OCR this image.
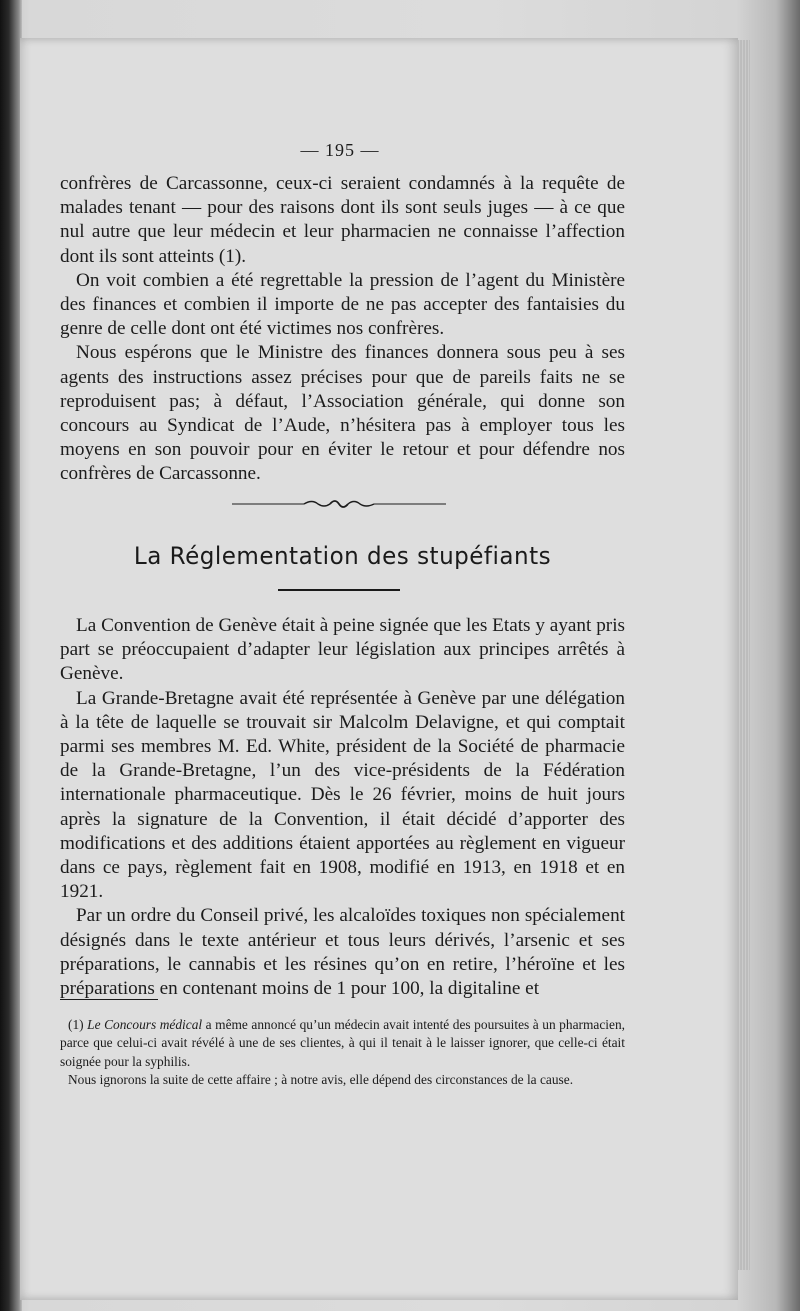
— 195 —

confrères de Carcassonne, ceux-ci seraient condamnés à la requête de malades tenant — pour des raisons dont ils sont seuls juges — à ce que nul autre que leur médecin et leur pharmacien ne connaisse l’affection dont ils sont atteints (1).

On voit combien a été regrettable la pression de l’agent du Ministère des finances et combien il importe de ne pas accepter des fantaisies du genre de celle dont ont été victimes nos confrères.

Nous espérons que le Ministre des finances donnera sous peu à ses agents des instructions assez précises pour que de pareils faits ne se reproduisent pas; à défaut, l’Association générale, qui donne son concours au Syndicat de l’Aude, n’hésitera pas à employer tous les moyens en son pouvoir pour en éviter le retour et pour défendre nos confrères de Carcassonne.

La Réglementation des stupéfiants

La Convention de Genève était à peine signée que les Etats y ayant pris part se préoccupaient d’adapter leur législation aux principes arrêtés à Genève.

La Grande-Bretagne avait été représentée à Genève par une délégation à la tête de laquelle se trouvait sir Malcolm Delavigne, et qui comptait parmi ses membres M. Ed. White, président de la Société de pharmacie de la Grande-Bretagne, l’un des vice-présidents de la Fédération internationale pharmaceutique. Dès le 26 février, moins de huit jours après la signature de la Convention, il était décidé d’apporter des modifications et des additions étaient apportées au règlement en vigueur dans ce pays, règlement fait en 1908, modifié en 1913, en 1918 et en 1921.

Par un ordre du Conseil privé, les alcaloïdes toxiques non spécialement désignés dans le texte antérieur et tous leurs dérivés, l’arsenic et ses préparations, le cannabis et les résines qu’on en retire, l’héroïne et les préparations en contenant moins de 1 pour 100, la digitaline et

(1) Le Concours médical a même annoncé qu’un médecin avait intenté des poursuites à un pharmacien, parce que celui-ci avait révélé à une de ses clientes, à qui il tenait à le laisser ignorer, que celle-ci était soignée pour la syphilis.

Nous ignorons la suite de cette affaire ; à notre avis, elle dépend des circonstances de la cause.
